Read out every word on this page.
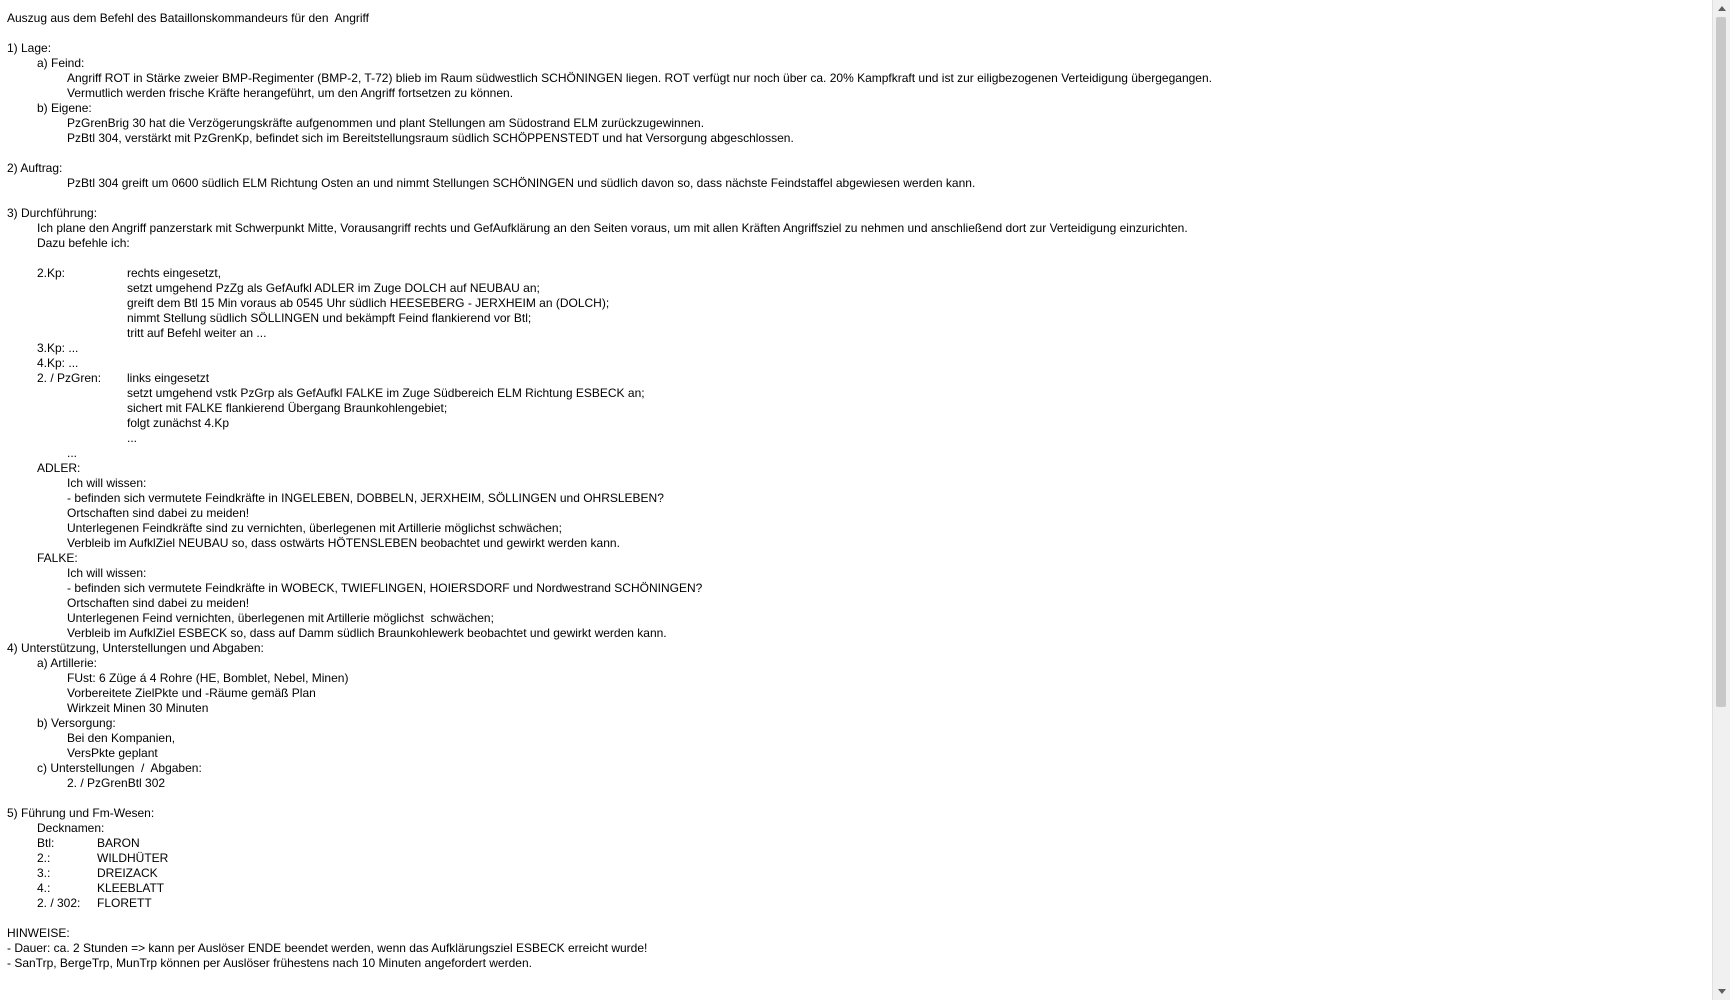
Auszug aus dem Befehl des Bataillonskommandeurs für den  Angriff
1) Lage:
a) Feind:
Angriff ROT in Stärke zweier BMP-Regimenter (BMP-2, T-72) blieb im Raum südwestlich SCHÖNINGEN liegen. ROT verfügt nur noch über ca. 20% Kampfkraft und ist zur eiligbezogenen Verteidigung übergegangen.
Vermutlich werden frische Kräfte herangeführt, um den Angriff fortsetzen zu können.
b) Eigene:
PzGrenBrig 30 hat die Verzögerungskräfte aufgenommen und plant Stellungen am Südostrand ELM zurückzugewinnen.
PzBtl 304, verstärkt mit PzGrenKp, befindet sich im Bereitstellungsraum südlich SCHÖPPENSTEDT und hat Versorgung abgeschlossen.
2) Auftrag:
PzBtl 304 greift um 0600 südlich ELM Richtung Osten an und nimmt Stellungen SCHÖNINGEN und südlich davon so, dass nächste Feindstaffel abgewiesen werden kann.
3) Durchführung:
Ich plane den Angriff panzerstark mit Schwerpunkt Mitte, Vorausangriff rechts und GefAufklärung an den Seiten voraus, um mit allen Kräften Angriffsziel zu nehmen und anschließend dort zur Verteidigung einzurichten.
Dazu befehle ich:
2.Kp:	rechts eingesetzt,
setzt umgehend PzZg als GefAufkl ADLER im Zuge DOLCH auf NEUBAU an;
greift dem Btl 15 Min voraus ab 0545 Uhr südlich HEESEBERG - JERXHEIM an (DOLCH);
nimmt Stellung südlich SÖLLINGEN und bekämpft Feind flankierend vor Btl;
tritt auf Befehl weiter an ...
3.Kp: ...
4.Kp: ...
2. / PzGren: links eingesetzt
setzt umgehend vstk PzGrp als GefAufkl FALKE im Zuge Südbereich ELM Richtung ESBECK an;
sichert mit FALKE flankierend Übergang Braunkohlengebiet;
folgt zunächst 4.Kp
...
...
ADLER:
Ich will wissen:
- befinden sich vermutete Feindkräfte in INGELEBEN, DOBBELN, JERXHEIM, SÖLLINGEN und OHRSLEBEN?
Ortschaften sind dabei zu meiden!
Unterlegenen Feindkräfte sind zu vernichten, überlegenen mit Artillerie möglichst schwächen;
Verbleib im AufklZiel NEUBAU so, dass ostwärts HÖTENSLEBEN beobachtet und gewirkt werden kann.
FALKE:
Ich will wissen:
- befinden sich vermutete Feindkräfte in WOBECK, TWIEFLINGEN, HOIERSDORF und Nordwestrand SCHÖNINGEN?
Ortschaften sind dabei zu meiden!
Unterlegenen Feind vernichten, überlegenen mit Artillerie möglichst  schwächen;
Verbleib im AufklZiel ESBECK so, dass auf Damm südlich Braunkohlewerk beobachtet und gewirkt werden kann.
4) Unterstützung, Unterstellungen und Abgaben:
a) Artillerie:
FUst: 6 Züge á 4 Rohre (HE, Bomblet, Nebel, Minen)
Vorbereitete ZielPkte und -Räume gemäß Plan
Wirkzeit Minen 30 Minuten
b) Versorgung:
Bei den Kompanien,
VersPkte geplant
c) Unterstellungen  /  Abgaben:
2. / PzGrenBtl 302
5) Führung und Fm-Wesen:
Decknamen:
Btl:	BARON
2.:	WILDHÜTER
3.:	DREIZACK
4.:	KLEEBLATT
2. / 302: FLORETT
HINWEISE:
- Dauer: ca. 2 Stunden => kann per Auslöser ENDE beendet werden, wenn das Aufklärungsziel ESBECK erreicht wurde!
- SanTrp, BergeTrp, MunTrp können per Auslöser frühestens nach 10 Minuten angefordert werden.
